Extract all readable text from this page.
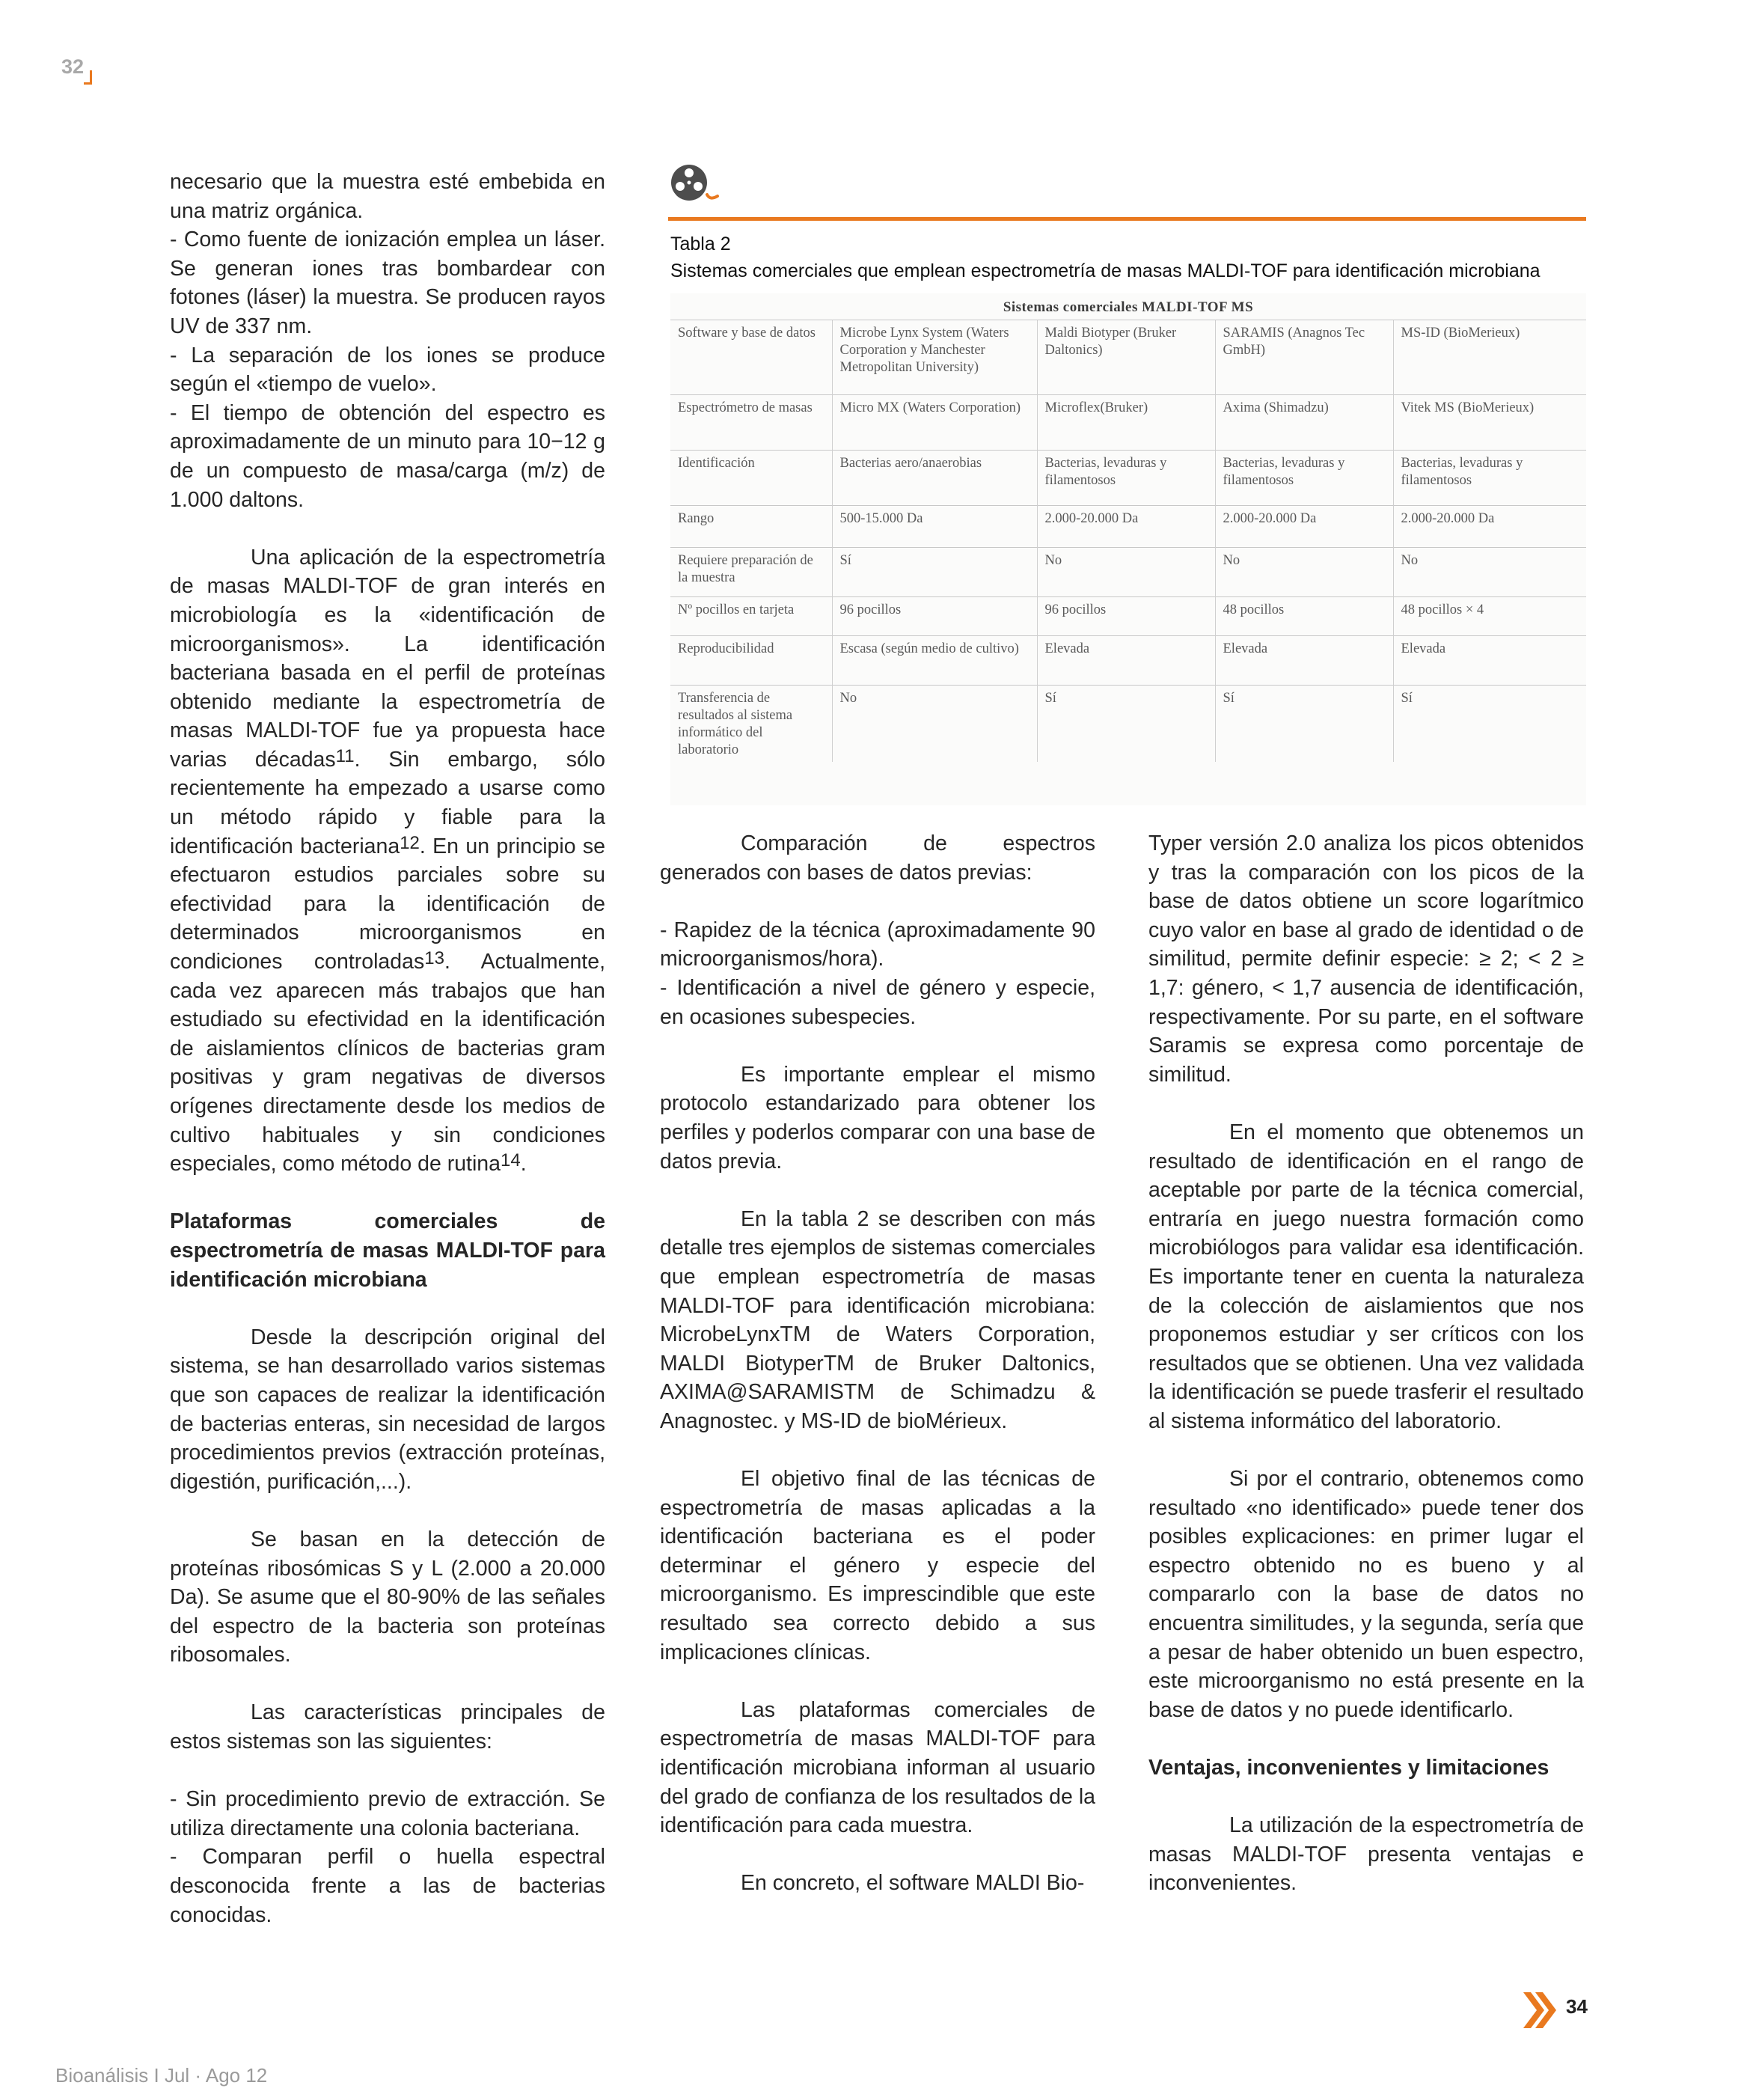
32

necesario que la muestra esté embebida en una matriz orgánica.

- Como fuente de ionización emplea un láser. Se generan iones tras bombardear con fotones (láser) la muestra. Se producen rayos UV de 337 nm.

- La separación de los iones se produce según el «tiempo de vuelo».

- El tiempo de obtención del espectro es aproximadamente de un minuto para 10−12 g de un compuesto de masa/carga (m/z) de 1.000 daltons.

Una aplicación de la espectrometría de masas MALDI-TOF de gran interés en microbiología es la «identificación de microorganismos». La identificación bacteriana basada en el perfil de proteínas obtenido mediante la espectrometría de masas MALDI-TOF fue ya propuesta hace varias décadas$^{11}$. Sin embargo, sólo recientemente ha empezado a usarse como un método rápido y fiable para la identificación bacteriana$^{12}$. En un principio se efectuaron estudios parciales sobre su efectividad para la identificación de determinados microorganismos en condiciones controladas$^{13}$. Actualmente, cada vez aparecen más trabajos que han estudiado su efectividad en la identificación de aislamientos clínicos de bacterias gram positivas y gram negativas de diversos orígenes directamente desde los medios de cultivo habituales y sin condiciones especiales, como método de rutina$^{14}$.

Plataformas comerciales de espectrometría de masas MALDI-TOF para identificación microbiana

Desde la descripción original del sistema, se han desarrollado varios sistemas que son capaces de realizar la identificación de bacterias enteras, sin necesidad de largos procedimientos previos (extracción proteínas, digestión, purificación,...).

Se basan en la detección de proteínas ribosómicas S y L (2.000 a 20.000 Da). Se asume que el 80-90% de las señales del espectro de la bacteria son proteínas ribosomales.

Las características principales de estos sistemas son las siguientes:

- Sin procedimiento previo de extracción. Se utiliza directamente una colonia bacteriana.

- Comparan perfil o huella espectral desconocida frente a las de bacterias conocidas.

Tabla 2
Sistemas comerciales que emplean espectrometría de masas MALDI-TOF para identificación microbiana
Sistemas comerciales MALDI-TOF MS				
Software y base de datos	Microbe Lynx System (Waters Corporation y Manchester Metropolitan University)	Maldi Biotyper (Bruker Daltonics)	SARAMIS (Anagnos Tec GmbH)	MS-ID (BioMerieux)
Espectrómetro de masas	Micro MX (Waters Corporation)	Microflex(Bruker)	Axima (Shimadzu)	Vitek MS (BioMerieux)
Identificación	Bacterias aero/anaerobias	Bacterias, levaduras y filamentosos	Bacterias, levaduras y filamentosos	Bacterias, levaduras y filamentosos
Rango	500-15.000 Da	2.000-20.000 Da	2.000-20.000 Da	2.000-20.000 Da
Requiere preparación de la muestra	Sí	No	No	No
Nº pocillos en tarjeta	96 pocillos	96 pocillos	48 pocillos	48 pocillos × 4
Reproducibilidad	Escasa (según medio de cultivo)	Elevada	Elevada	Elevada
Transferencia de resultados al sistema informático del laboratorio	No	Sí	Sí	Sí

Comparación de espectros generados con bases de datos previas:

- Rapidez de la técnica (aproximadamente 90 microorganismos/hora).

- Identificación a nivel de género y especie, en ocasiones subespecies.

Es importante emplear el mismo protocolo estandarizado para obtener los perfiles y poderlos comparar con una base de datos previa.

En la tabla 2 se describen con más detalle tres ejemplos de sistemas comerciales que emplean espectrometría de masas MALDI-TOF para identificación microbiana: MicrobeLynxTM de Waters Corporation, MALDI BiotyperTM de Bruker Daltonics, AXIMA@SARAMISTM de Schimadzu & Anagnostec. y MS-ID de bioMérieux.

El objetivo final de las técnicas de espectrometría de masas aplicadas a la identificación bacteriana es el poder determinar el género y especie del microorganismo. Es imprescindible que este resultado sea correcto debido a sus implicaciones clínicas.

Las plataformas comerciales de espectrometría de masas MALDI-TOF para identificación microbiana informan al usuario del grado de confianza de los resultados de la identificación para cada muestra.

En concreto, el software MALDI Bio-

Typer versión 2.0 analiza los picos obtenidos y tras la comparación con los picos de la base de datos obtiene un score logarítmico cuyo valor en base al grado de identidad o de similitud, permite definir especie: ≥ 2; < 2 ≥ 1,7: género, < 1,7 ausencia de identificación, respectivamente. Por su parte, en el software Saramis se expresa como porcentaje de similitud.

En el momento que obtenemos un resultado de identificación en el rango de aceptable por parte de la técnica comercial, entraría en juego nuestra formación como microbiólogos para validar esa identificación. Es importante tener en cuenta la naturaleza de la colección de aislamientos que nos proponemos estudiar y ser críticos con los resultados que se obtienen. Una vez validada la identificación se puede trasferir el resultado al sistema informático del laboratorio.

Si por el contrario, obtenemos como resultado «no identificado» puede tener dos posibles explicaciones: en primer lugar el espectro obtenido no es bueno y al compararlo con la base de datos no encuentra similitudes, y la segunda, sería que a pesar de haber obtenido un buen espectro, este microorganismo no está presente en la base de datos y no puede identificarlo.

Ventajas, inconvenientes y limitaciones

La utilización de la espectrometría de masas MALDI-TOF presenta ventajas e inconvenientes.

34
Bioanálisis I Jul · Ago 12
